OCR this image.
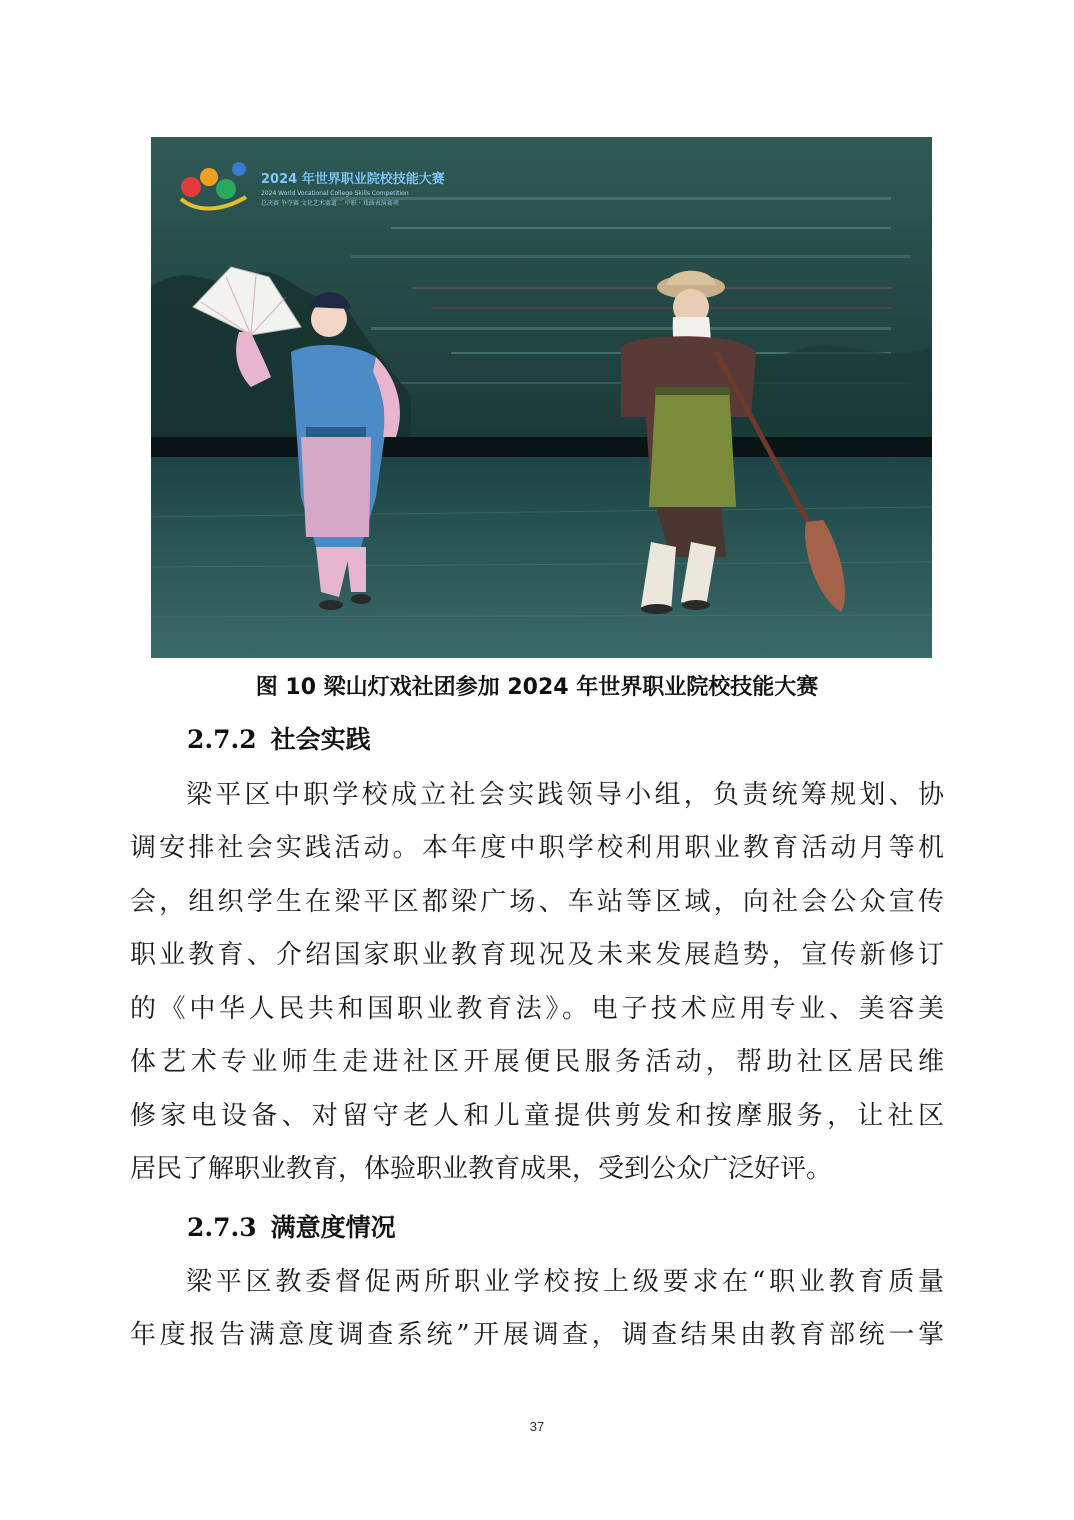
2024 年世界职业院校技能大赛
2024 World Vocational College Skills Competition
总决赛 争夺赛 文化艺术赛道二 中职・戏曲表演赛项
图 10 梁山灯戏社团参加 2024 年世界职业院校技能大赛
2.7.2 社会实践
梁平区中职学校成立社会实践领导小组，负责统筹规划、协
调安排社会实践活动。本年度中职学校利用职业教育活动月等机
会，组织学生在梁平区都梁广场、车站等区域，向社会公众宣传
职业教育、介绍国家职业教育现况及未来发展趋势，宣传新修订
的《中华人民共和国职业教育法》。电子技术应用专业、美容美
体艺术专业师生走进社区开展便民服务活动，帮助社区居民维
修家电设备、对留守老人和儿童提供剪发和按摩服务，让社区
居民了解职业教育，体验职业教育成果，受到公众广泛好评。
2.7.3 满意度情况
梁平区教委督促两所职业学校按上级要求在“职业教育质量
年度报告满意度调查系统”开展调查，调查结果由教育部统一掌
37
